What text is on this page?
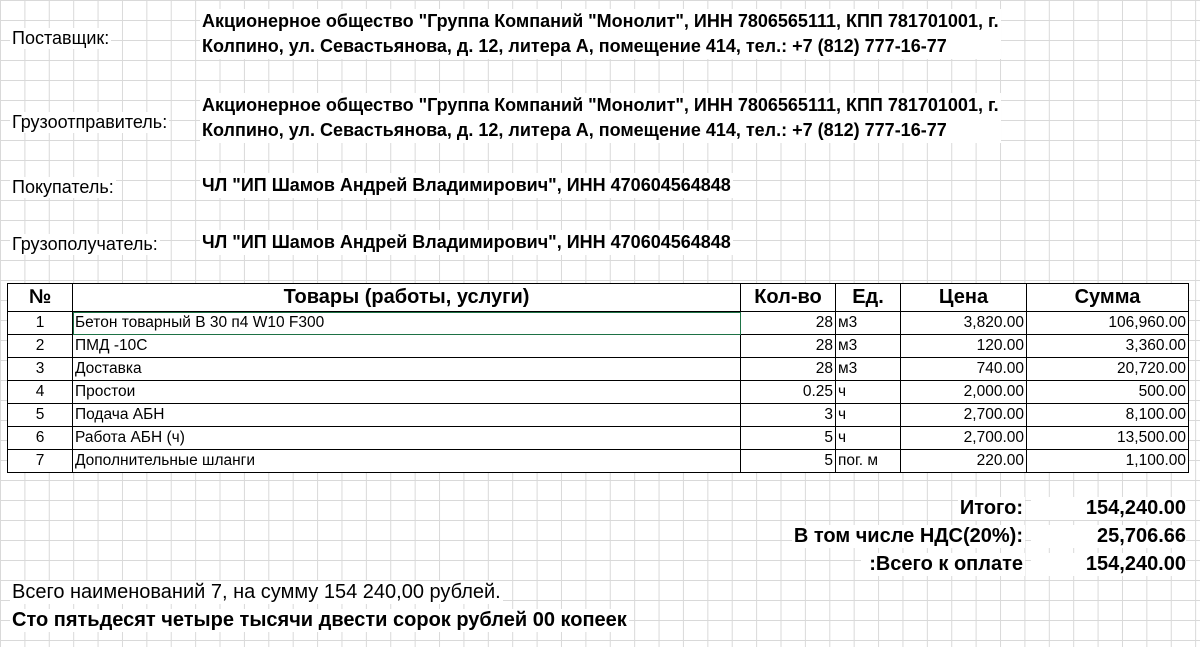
Поставщик:
Акционерное общество "Группа Компаний "Монолит", ИНН 7806565111, КПП 781701001, г.
Колпино, ул. Севастьянова, д. 12, литера А, помещение 414, тел.: +7 (812) 777-16-77
Грузоотправитель:
Акционерное общество "Группа Компаний "Монолит", ИНН 7806565111, КПП 781701001, г.
Колпино, ул. Севастьянова, д. 12, литера А, помещение 414, тел.: +7 (812) 777-16-77
Покупатель:	ЧЛ "ИП Шамов Андрей Владимирович", ИНН 470604564848
Грузополучатель: ЧЛ "ИП Шамов Андрей Владимирович", ИНН 470604564848
№	Товары (работы, услуги)	Кол-во	Ед.	Цена	Сумма
1	Бетон товарный В 30 п4 W10 F300	28	м3	3,820.00	106,960.00
2	ПМД -10С	28	м3	120.00	3,360.00
3	Доставка	28	м3	740.00	20,720.00
4	Простои	0.25	ч	2,000.00	500.00
5	Подача АБН	3	ч	2,700.00	8,100.00
6	Работа АБН (ч)	5	ч	2,700.00	13,500.00
7	Дополнительные шланги	5	пог. м	220.00	1,100.00
Итого:	154,240.00
В том числе НДС(20%):	25,706.66
Всего к оплате:	154,240.00
Всего наименований 7, на сумму 154 240,00 рублей.
Сто пятьдесят четыре тысячи двести сорок рублей 00 копеек
